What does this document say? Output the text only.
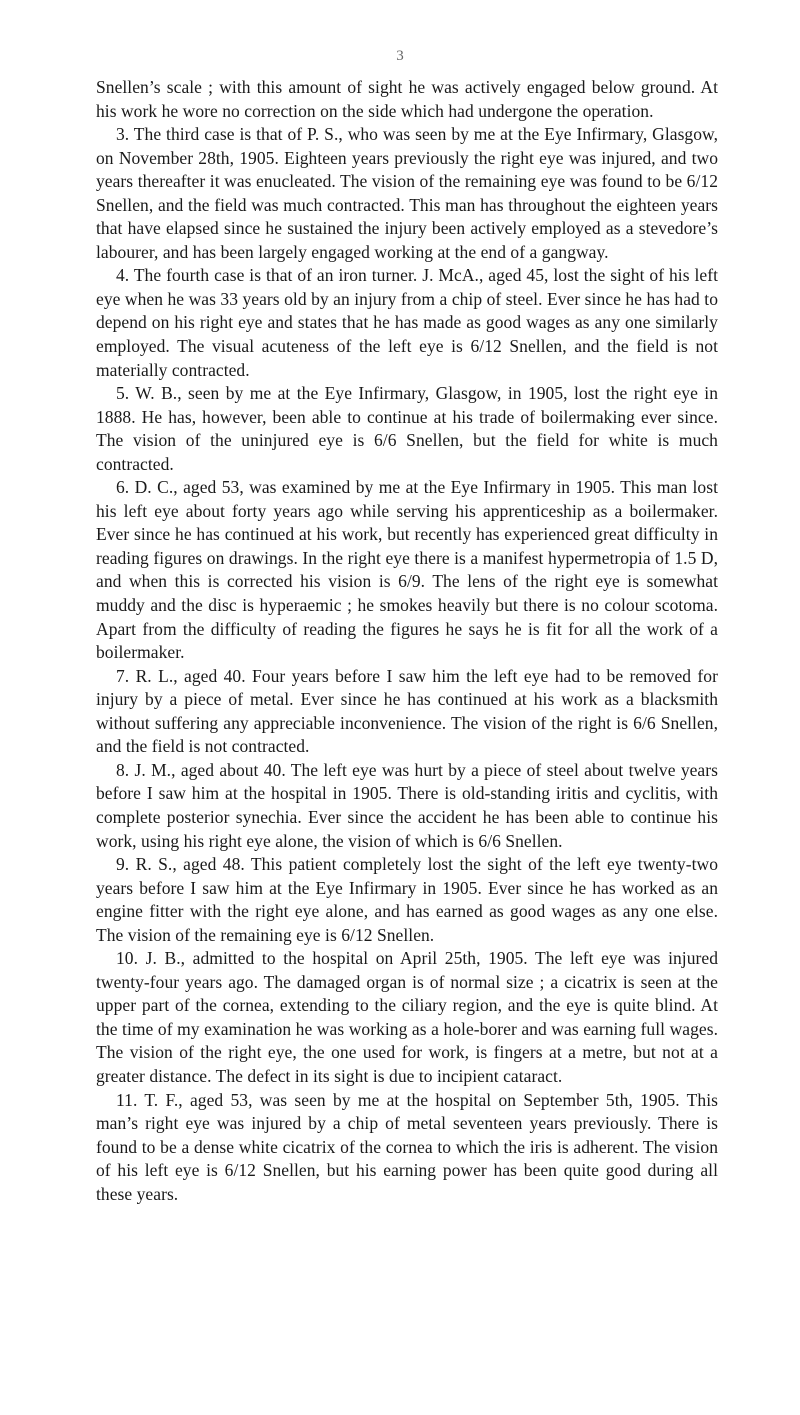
3

Snellen’s scale ; with this amount of sight he was actively engaged below ground. At his work he wore no correction on the side which had undergone the operation.

3. The third case is that of P. S., who was seen by me at the Eye Infirmary, Glasgow, on November 28th, 1905. Eighteen years previously the right eye was injured, and two years thereafter it was enucleated. The vision of the remaining eye was found to be 6/12 Snellen, and the field was much contracted. This man has throughout the eighteen years that have elapsed since he sustained the injury been actively employed as a stevedore’s labourer, and has been largely engaged working at the end of a gangway.

4. The fourth case is that of an iron turner. J. McA., aged 45, lost the sight of his left eye when he was 33 years old by an injury from a chip of steel. Ever since he has had to depend on his right eye and states that he has made as good wages as any one similarly employed. The visual acuteness of the left eye is 6/12 Snellen, and the field is not materially contracted.

5. W. B., seen by me at the Eye Infirmary, Glasgow, in 1905, lost the right eye in 1888. He has, however, been able to continue at his trade of boilermaking ever since. The vision of the uninjured eye is 6/6 Snellen, but the field for white is much contracted.

6. D. C., aged 53, was examined by me at the Eye Infirmary in 1905. This man lost his left eye about forty years ago while serving his apprenticeship as a boilermaker. Ever since he has continued at his work, but recently has experienced great difficulty in reading figures on drawings. In the right eye there is a manifest hypermetropia of 1.5 D, and when this is corrected his vision is 6/9. The lens of the right eye is somewhat muddy and the disc is hyperaemic ; he smokes heavily but there is no colour scotoma. Apart from the difficulty of reading the figures he says he is fit for all the work of a boilermaker.

7. R. L., aged 40. Four years before I saw him the left eye had to be removed for injury by a piece of metal. Ever since he has continued at his work as a blacksmith without suffering any appreciable inconvenience. The vision of the right is 6/6 Snellen, and the field is not contracted.

8. J. M., aged about 40. The left eye was hurt by a piece of steel about twelve years before I saw him at the hospital in 1905. There is old-standing iritis and cyclitis, with complete posterior synechia. Ever since the accident he has been able to continue his work, using his right eye alone, the vision of which is 6/6 Snellen.

9. R. S., aged 48. This patient completely lost the sight of the left eye twenty-two years before I saw him at the Eye Infirmary in 1905. Ever since he has worked as an engine fitter with the right eye alone, and has earned as good wages as any one else. The vision of the remaining eye is 6/12 Snellen.

10. J. B., admitted to the hospital on April 25th, 1905. The left eye was injured twenty-four years ago. The damaged organ is of normal size ; a cicatrix is seen at the upper part of the cornea, extending to the ciliary region, and the eye is quite blind. At the time of my examination he was working as a hole-borer and was earning full wages. The vision of the right eye, the one used for work, is fingers at a metre, but not at a greater distance. The defect in its sight is due to incipient cataract.

11. T. F., aged 53, was seen by me at the hospital on September 5th, 1905. This man’s right eye was injured by a chip of metal seventeen years previously. There is found to be a dense white cicatrix of the cornea to which the iris is adherent. The vision of his left eye is 6/12 Snellen, but his earning power has been quite good during all these years.
